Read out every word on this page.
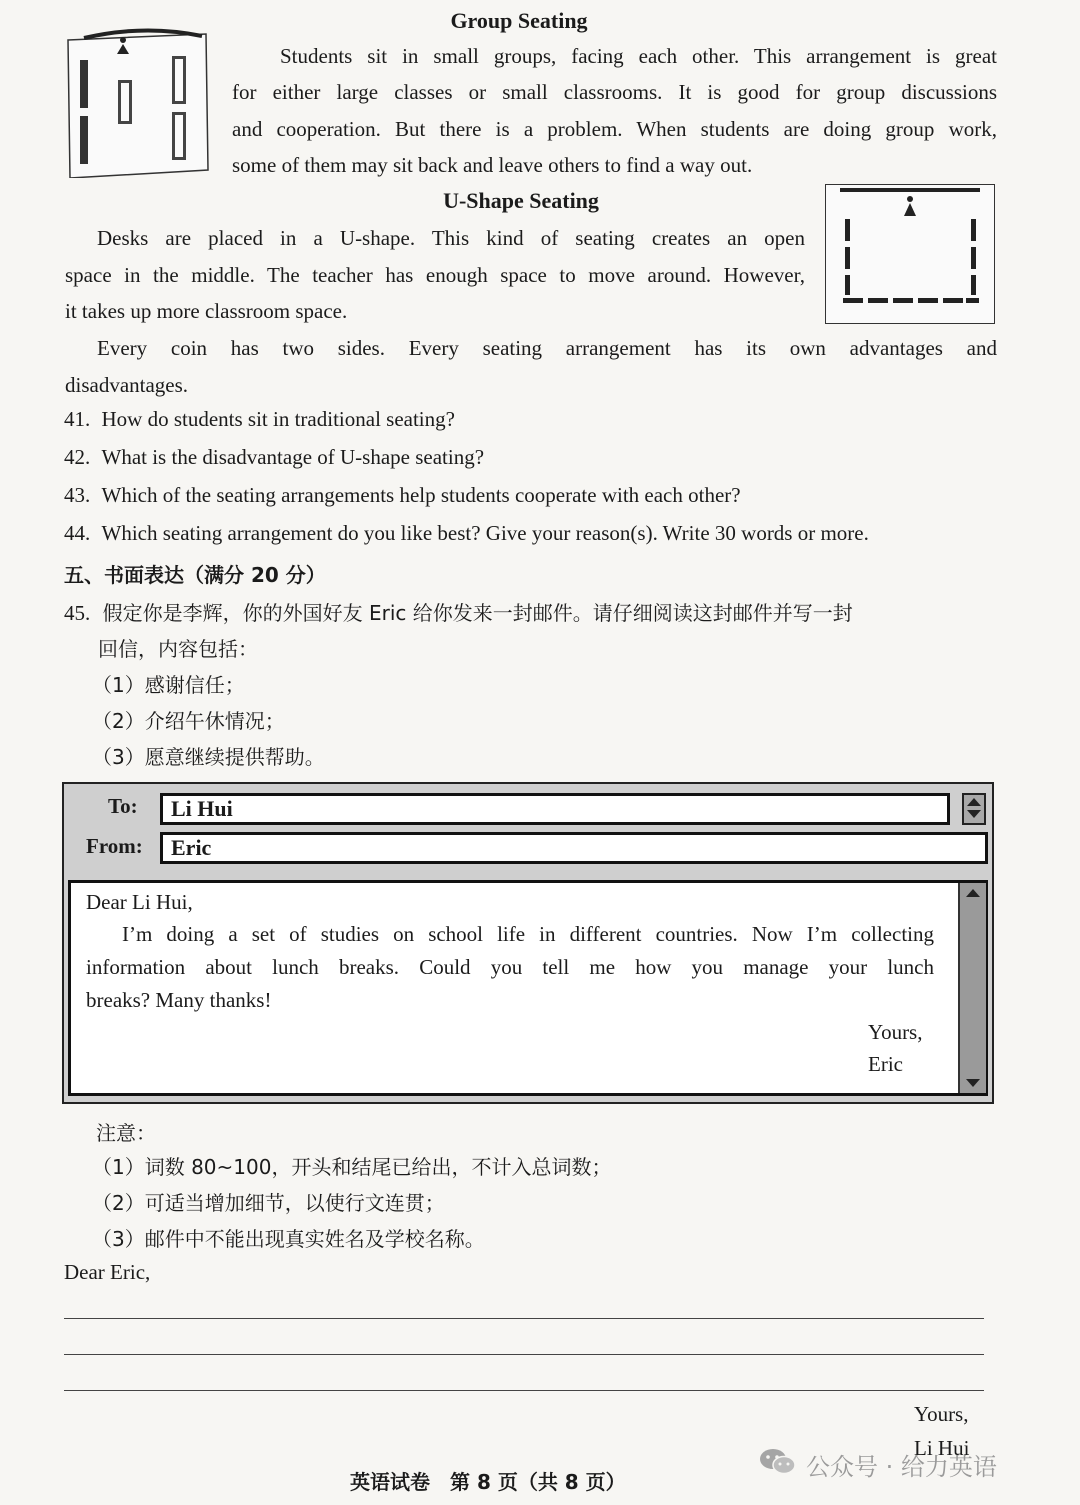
Group Seating
Students sit in small groups, facing each other. This arrangement is great
for either large classes or small classrooms. It is good for group discussions
and cooperation. But there is a problem. When students are doing group work,
some of them may sit back and leave others to find a way out.
U-Shape Seating
Desks are placed in a U-shape. This kind of seating creates an open
space in the middle. The teacher has enough space to move around. However,
it takes up more classroom space.
Every coin has two sides. Every seating arrangement has its own advantages and
disadvantages.
41. How do students sit in traditional seating?
42. What is the disadvantage of U-shape seating?
43. Which of the seating arrangements help students cooperate with each other?
44. Which seating arrangement do you like best? Give your reason(s). Write 30 words or more.
五、书面表达（满分 20 分）
45. 假定你是李辉，你的外国好友 Eric 给你发来一封邮件。请仔细阅读这封邮件并写一封
回信，内容包括：
（1）感谢信任；
（2）介绍午休情况；
（3）愿意继续提供帮助。
To:	Li Hui
From:	Eric
Dear Li Hui,
I’m doing a set of studies on school life in different countries. Now I’m collecting
information about lunch breaks. Could you tell me how you manage your lunch
breaks? Many thanks!
Yours,
Eric
注意：
（1）词数 80~100，开头和结尾已给出，不计入总词数；
（2）可适当增加细节，以使行文连贯；
（3）邮件中不能出现真实姓名及学校名称。
Dear Eric,
Yours,
Li Hui
英语试卷　第 8 页（共 8 页）
公众号 · 给力英语
